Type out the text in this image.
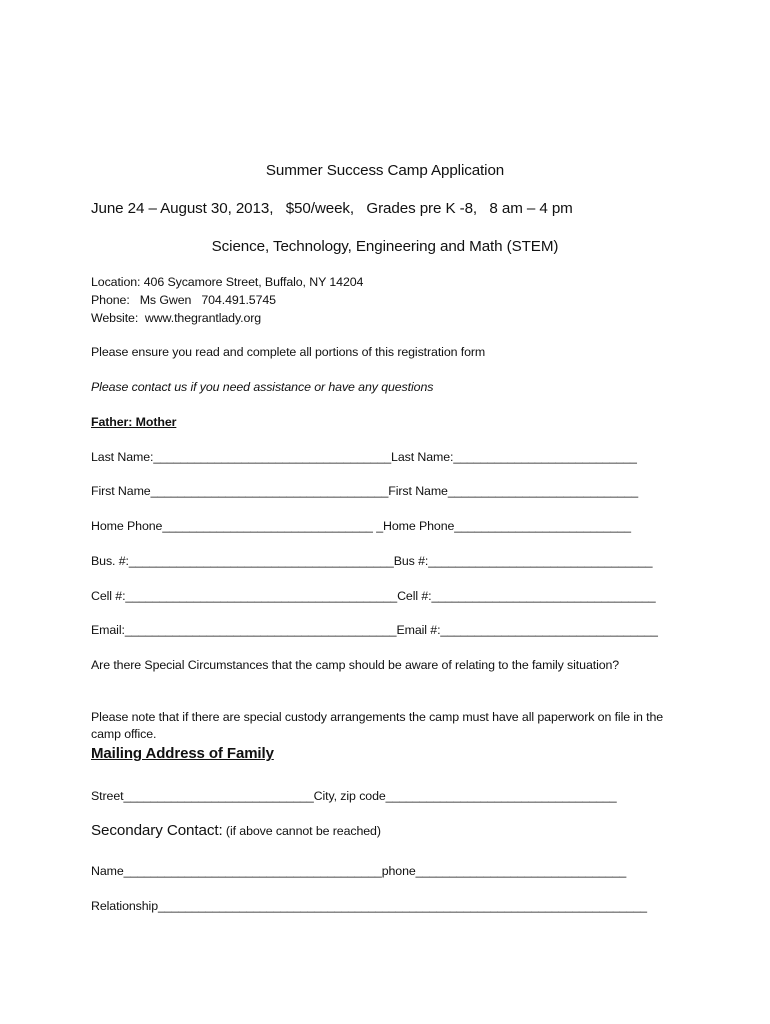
Summer Success Camp Application

June 24 – August 30, 2013,   $50/week,   Grades pre K -8,   8 am – 4 pm

Science, Technology, Engineering and Math (STEM)

Location: 406 Sycamore Street, Buffalo, NY 14204

Phone:   Ms Gwen   704.491.5745

Website:  www.thegrantlady.org

Please ensure you read and complete all portions of this registration form

Please contact us if you need assistance or have any questions

Father: Mother

Last Name:___________________________________Last Name:___________________________

First Name___________________________________First Name____________________________

Home Phone_______________________________ _Home Phone__________________________

Bus. #:_______________________________________Bus #:_________________________________

Cell #:________________________________________Cell #:_________________________________

Email:________________________________________Email #:________________________________

Are there Special Circumstances that the camp should be aware of relating to the family situation?

Please note that if there are special custody arrangements the camp must have all paperwork on file in the camp office.

Mailing Address of Family

Street____________________________City, zip code__________________________________

Secondary Contact: (if above cannot be reached)

Name______________________________________phone_______________________________

Relationship________________________________________________________________________
